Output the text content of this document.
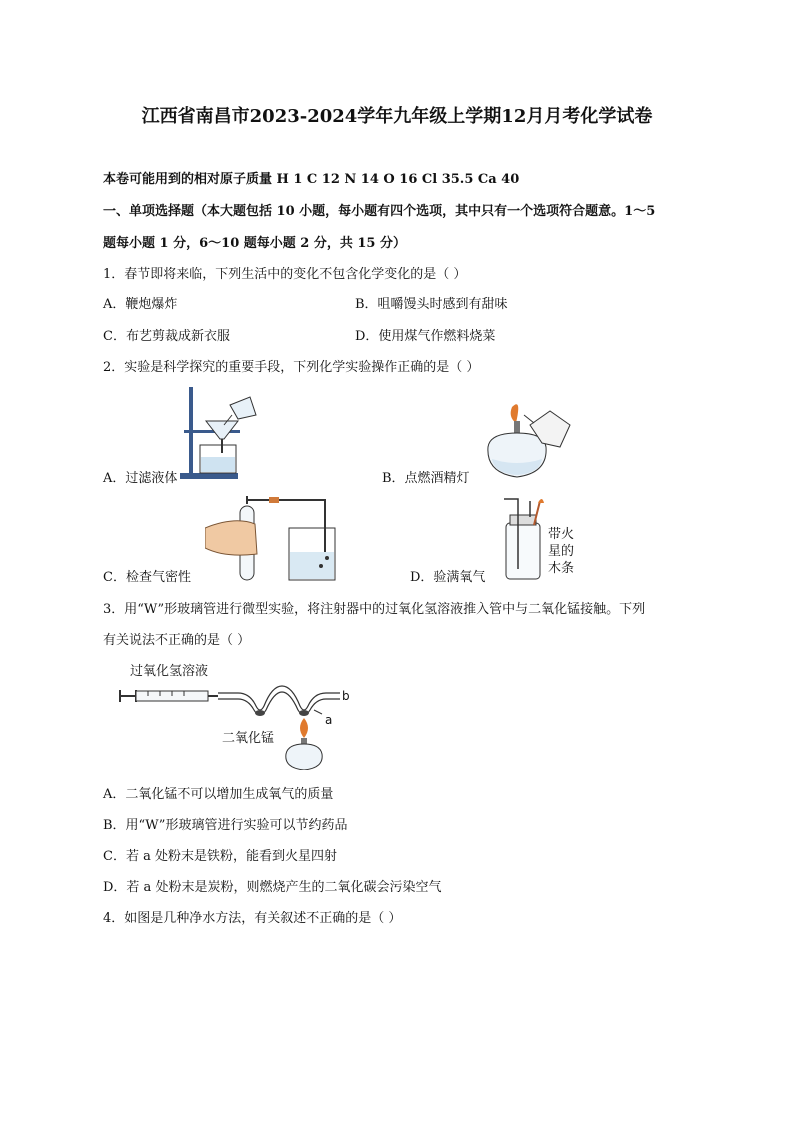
江西省南昌市2023-2024学年九年级上学期12月月考化学试卷
本卷可能用到的相对原子质量 H 1 C 12 N 14 O 16 Cl 35.5 Ca 40
一、单项选择题（本大题包括 10 小题，每小题有四个选项，其中只有一个选项符合题意。1～5
题每小题 1 分，6～10 题每小题 2 分，共 15 分）
1．春节即将来临，下列生活中的变化不包含化学变化的是（ ）
A．鞭炮爆炸	B．咀嚼馒头时感到有甜味
C．布艺剪裁成新衣服	D．使用煤气作燃料烧菜
2．实验是科学探究的重要手段，下列化学实验操作正确的是（ ）
A．过滤液体	B．点燃酒精灯
C．检查气密性
带火
星的
木条
D．验满氧气
3．用“W”形玻璃管进行微型实验，将注射器中的过氧化氢溶液推入管中与二氧化锰接触。下列
有关说法不正确的是（ ）
过氧化氢溶液
a
b
二氧化锰
A．二氧化锰不可以增加生成氧气的质量
B．用“W”形玻璃管进行实验可以节约药品
C．若 a 处粉末是铁粉，能看到火星四射
D．若 a 处粉末是炭粉，则燃烧产生的二氧化碳会污染空气
4．如图是几种净水方法，有关叙述不正确的是（ ）
